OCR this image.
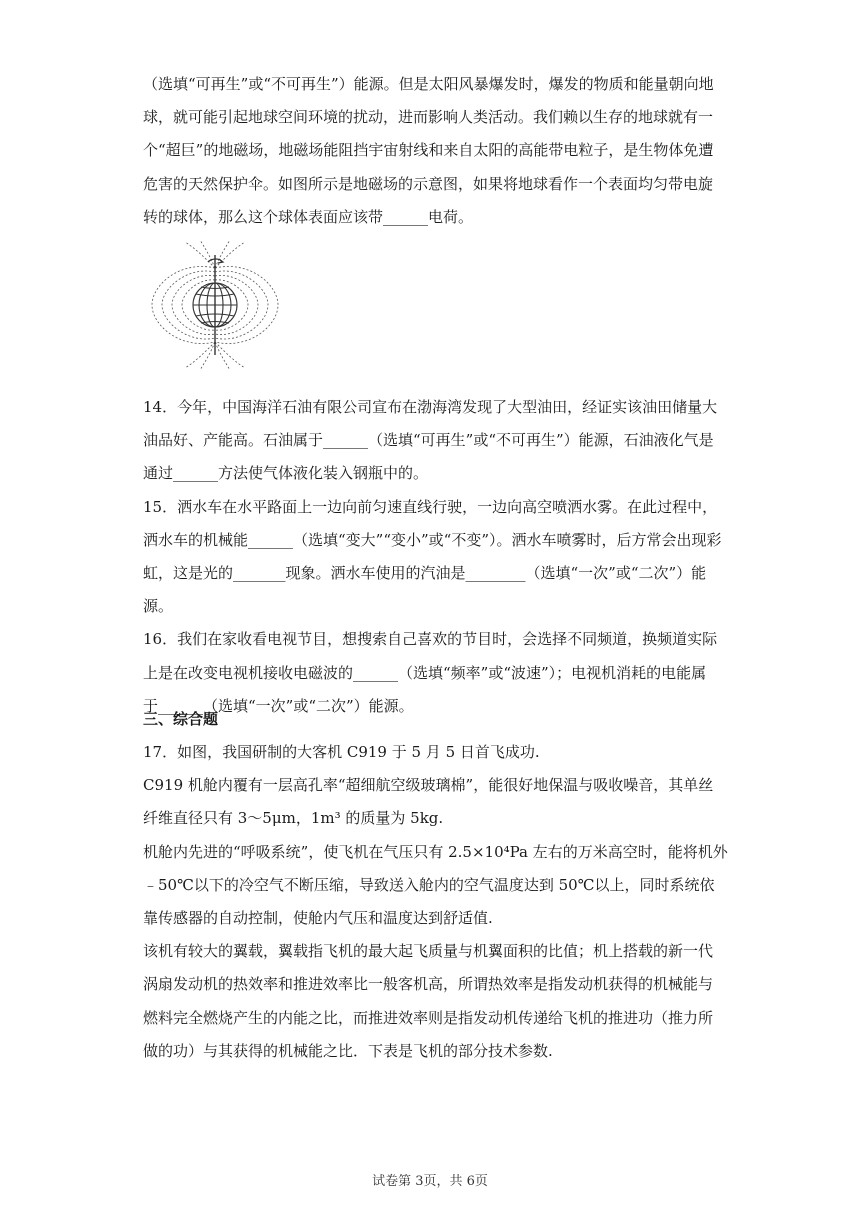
（选填“可再生”或“不可再生”）能源。但是太阳风暴爆发时，爆发的物质和能量朝向地
球，就可能引起地球空间环境的扰动，进而影响人类活动。我们赖以生存的地球就有一
个“超巨”的地磁场，地磁场能阻挡宇宙射线和来自太阳的高能带电粒子，是生物体免遭
危害的天然保护伞。如图所示是地磁场的示意图，如果将地球看作一个表面均匀带电旋
转的球体，那么这个球体表面应该带______电荷。
14．今年，中国海洋石油有限公司宣布在渤海湾发现了大型油田，经证实该油田储量大
油品好、产能高。石油属于______（选填“可再生”或“不可再生”）能源，石油液化气是
通过______方法使气体液化装入钢瓶中的。
15．洒水车在水平路面上一边向前匀速直线行驶，一边向高空喷洒水雾。在此过程中，
洒水车的机械能______（选填“变大”“变小”或“不变”）。洒水车喷雾时，后方常会出现彩
虹，这是光的_______现象。洒水车使用的汽油是________（选填“一次”或“二次”）能
源。
16．我们在家收看电视节目，想搜索自己喜欢的节目时，会选择不同频道，换频道实际
上是在改变电视机接收电磁波的______（选填“频率”或“波速”）；电视机消耗的电能属
于______（选填“一次”或“二次”）能源。
三、综合题
17．如图，我国研制的大客机 C919 于 5 月 5 日首飞成功.
C919 机舱内覆有一层高孔率“超细航空级玻璃棉”，能很好地保温与吸收噪音，其单丝
纤维直径只有 3～5μm，1m³ 的质量为 5kg.
机舱内先进的“呼吸系统”，使飞机在气压只有 2.5×10⁴Pa 左右的万米高空时，能将机外
﹣50℃以下的冷空气不断压缩，导致送入舱内的空气温度达到 50℃以上，同时系统依
靠传感器的自动控制，使舱内气压和温度达到舒适值.
该机有较大的翼载，翼载指飞机的最大起飞质量与机翼面积的比值；机上搭载的新一代
涡扇发动机的热效率和推进效率比一般客机高，所谓热效率是指发动机获得的机械能与
燃料完全燃烧产生的内能之比，而推进效率则是指发动机传递给飞机的推进功（推力所
做的功）与其获得的机械能之比．下表是飞机的部分技术参数.
试卷第 3页，共 6页
